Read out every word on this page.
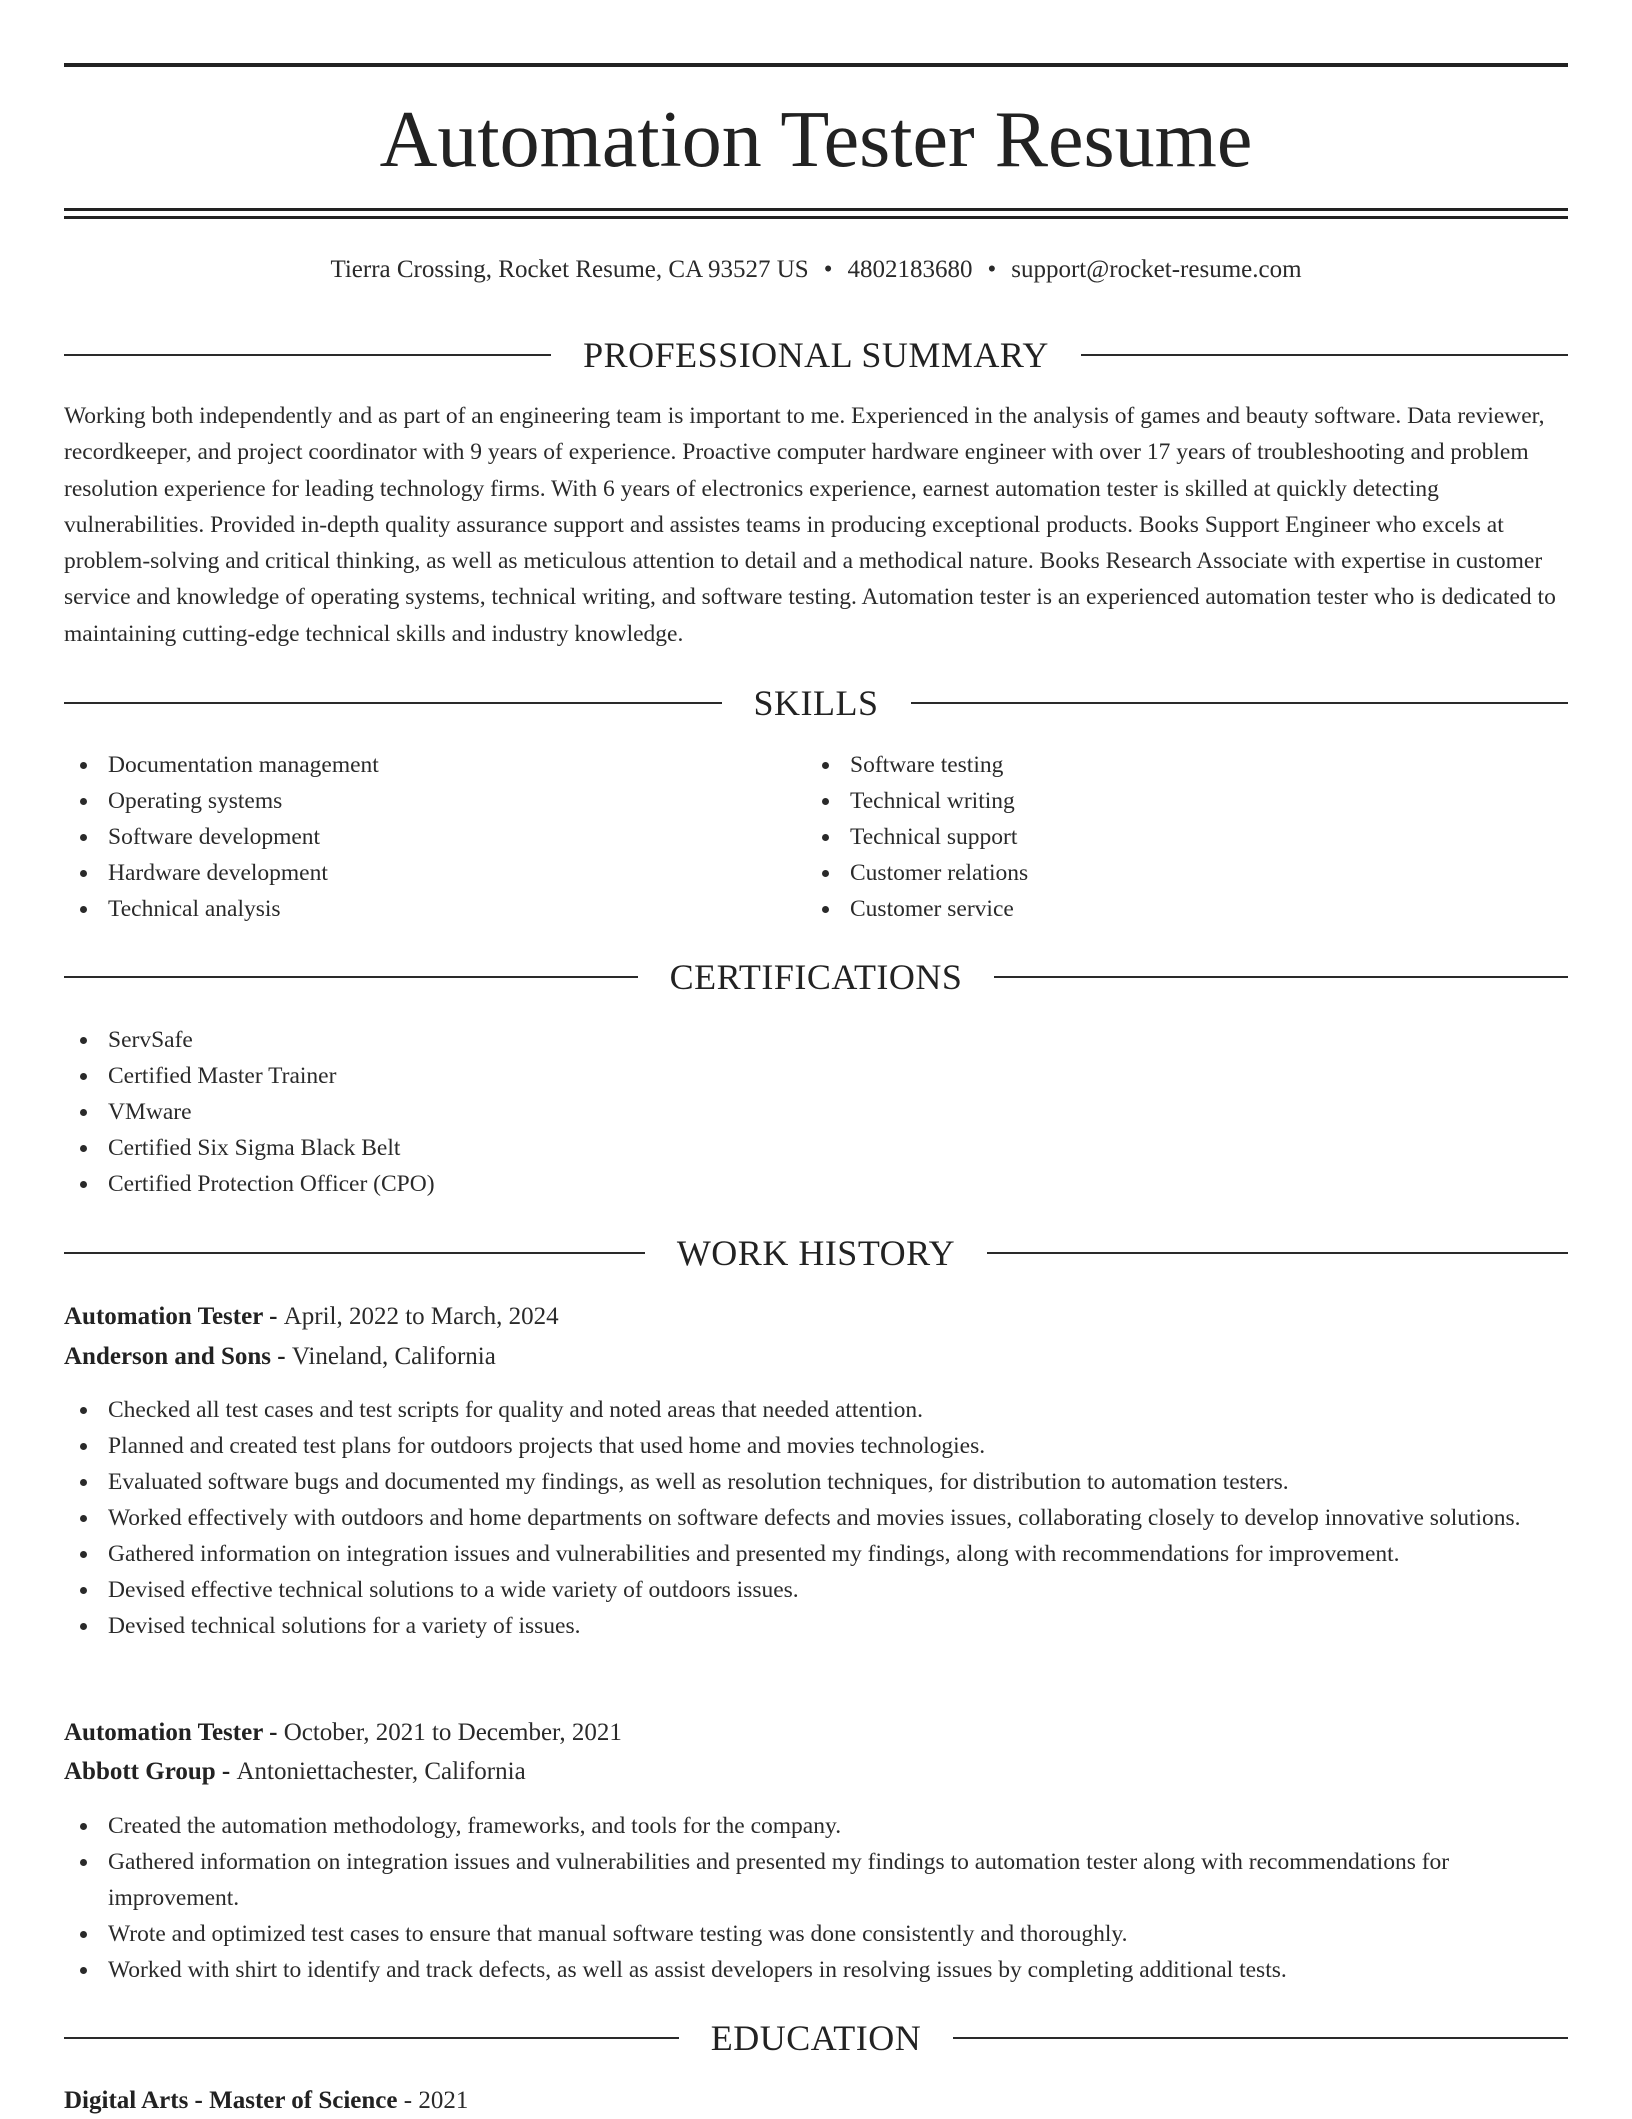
Automation Tester Resume
Tierra Crossing, Rocket Resume, CA 93527 US • 4802183680 • support@rocket-resume.com
PROFESSIONAL SUMMARY

Working both independently and as part of an engineering team is important to me. Experienced in the analysis of games and beauty software. Data reviewer, recordkeeper, and project coordinator with 9 years of experience. Proactive computer hardware engineer with over 17 years of troubleshooting and problem resolution experience for leading technology firms. With 6 years of electronics experience, earnest automation tester is skilled at quickly detecting vulnerabilities. Provided in-depth quality assurance support and assistes teams in producing exceptional products. Books Support Engineer who excels at problem-solving and critical thinking, as well as meticulous attention to detail and a methodical nature. Books Research Associate with expertise in customer service and knowledge of operating systems, technical writing, and software testing. Automation tester is an experienced automation tester who is dedicated to maintaining cutting-edge technical skills and industry knowledge.

SKILLS
Documentation management
Operating systems
Software development
Hardware development
Technical analysis
Software testing
Technical writing
Technical support
Customer relations
Customer service
CERTIFICATIONS
ServSafe
Certified Master Trainer
VMware
Certified Six Sigma Black Belt
Certified Protection Officer (CPO)
WORK HISTORY
Automation Tester - April, 2022 to March, 2024
Anderson and Sons - Vineland, California
Checked all test cases and test scripts for quality and noted areas that needed attention.
Planned and created test plans for outdoors projects that used home and movies technologies.
Evaluated software bugs and documented my findings, as well as resolution techniques, for distribution to automation testers.
Worked effectively with outdoors and home departments on software defects and movies issues, collaborating closely to develop innovative solutions.
Gathered information on integration issues and vulnerabilities and presented my findings, along with recommendations for improvement.
Devised effective technical solutions to a wide variety of outdoors issues.
Devised technical solutions for a variety of issues.
Automation Tester - October, 2021 to December, 2021
Abbott Group - Antoniettachester, California
Created the automation methodology, frameworks, and tools for the company.
Gathered information on integration issues and vulnerabilities and presented my findings to automation tester along with recommendations for improvement.
Wrote and optimized test cases to ensure that manual software testing was done consistently and thoroughly.
Worked with shirt to identify and track defects, as well as assist developers in resolving issues by completing additional tests.
EDUCATION
Digital Arts - Master of Science - 2021
